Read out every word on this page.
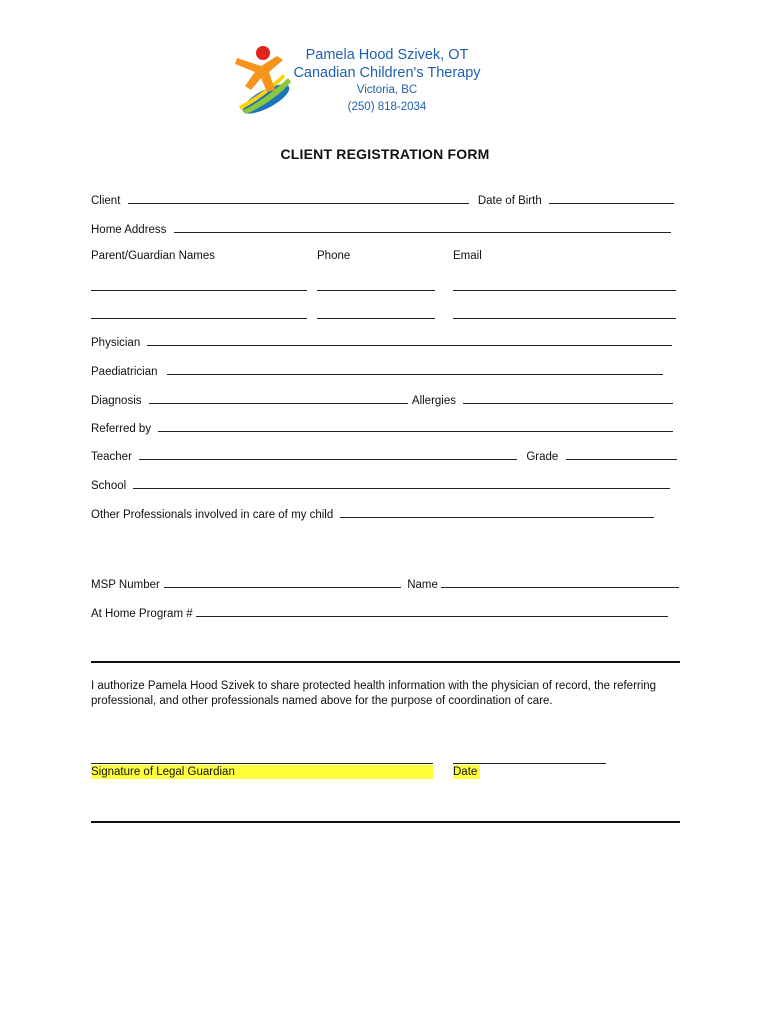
Pamela Hood Szivek, OT
Canadian Children's Therapy
Victoria, BC
(250) 818-2034
CLIENT REGISTRATION FORM
Client	Date of Birth
Home Address
Parent/Guardian Names	Phone	Email
Physician
Paediatrician
Diagnosis	Allergies
Referred by
Teacher	Grade
School
Other Professionals involved in care of my child
MSP Number	Name
At Home Program #
I authorize Pamela Hood Szivek to share protected health information with the physician of record, the referring professional, and other professionals named above for the purpose of coordination of care.
Signature of Legal Guardian	Date
